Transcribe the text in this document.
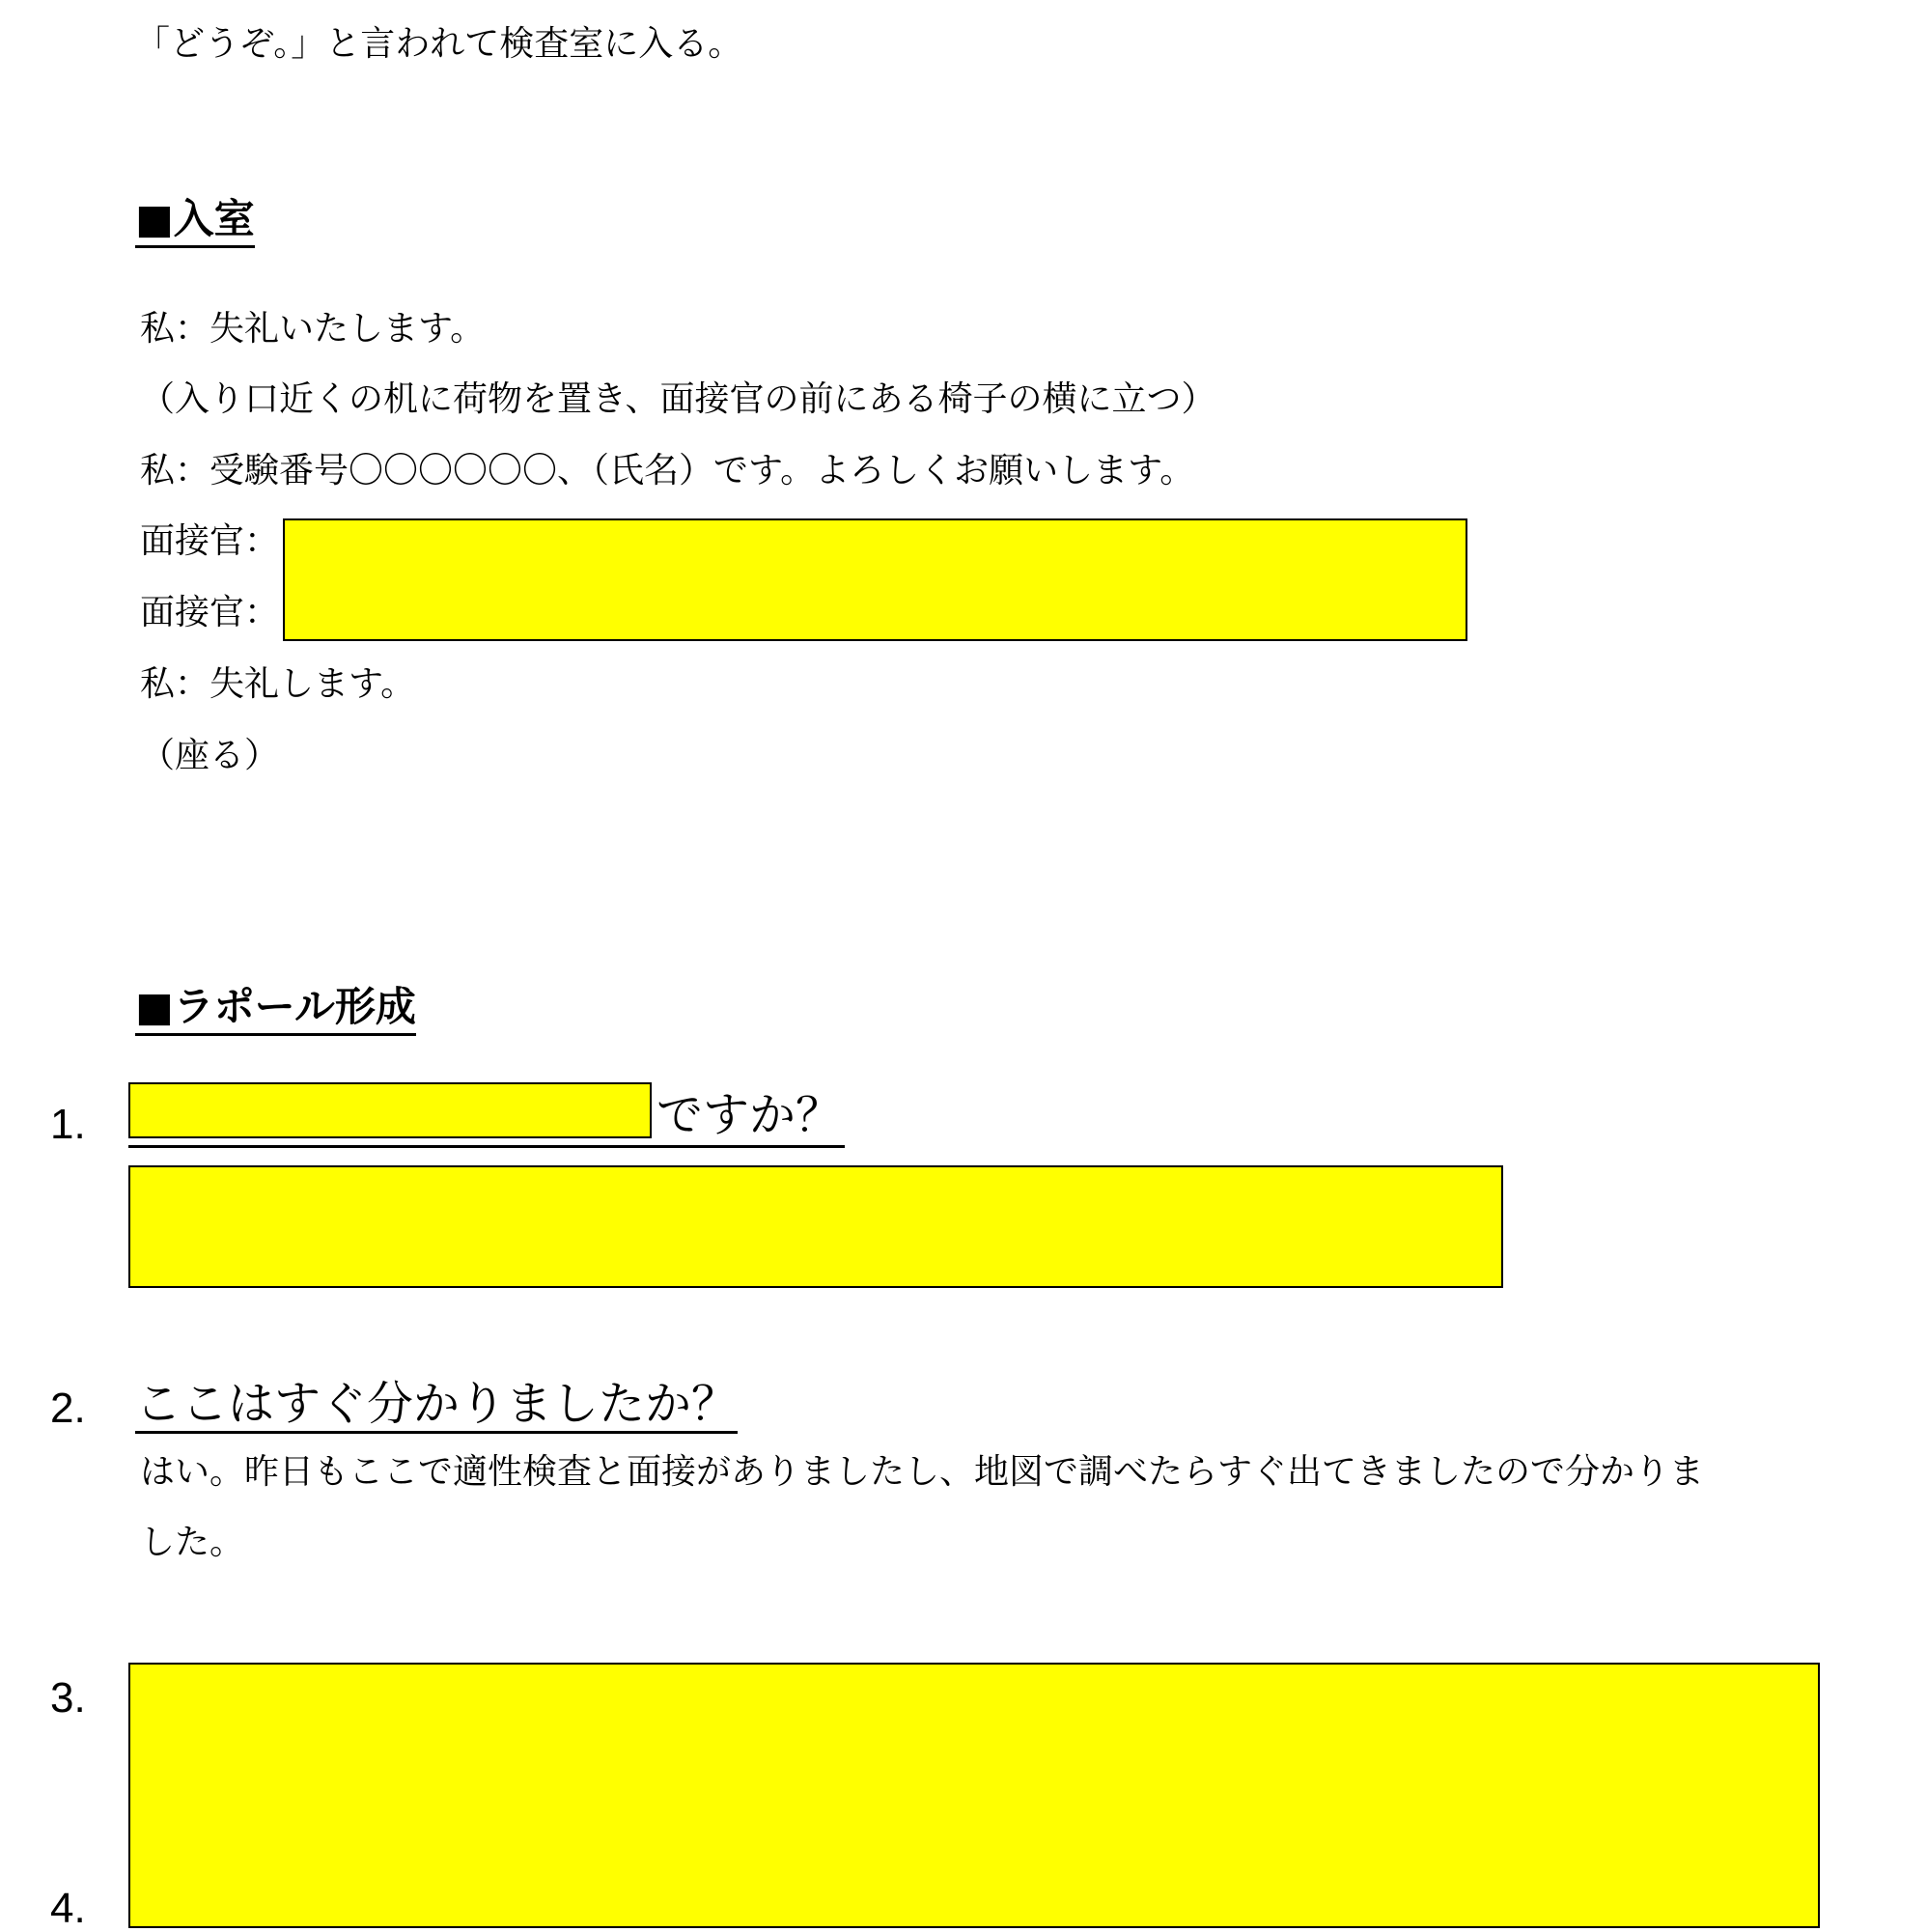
「どうぞ。」と言われて検査室に入る。
■入室
私：失礼いたします。
（入り口近くの机に荷物を置き、面接官の前にある椅子の横に立つ）
私：受験番号〇〇〇〇〇〇、（氏名）です。よろしくお願いします。
面接官：
面接官：
私：失礼します。
（座る）
■ラポール形成
1.	ですか？
2. ここはすぐ分かりましたか？
はい。昨日もここで適性検査と面接がありましたし、地図で調べたらすぐ出てきましたので分かりま
した。
3.
4.
